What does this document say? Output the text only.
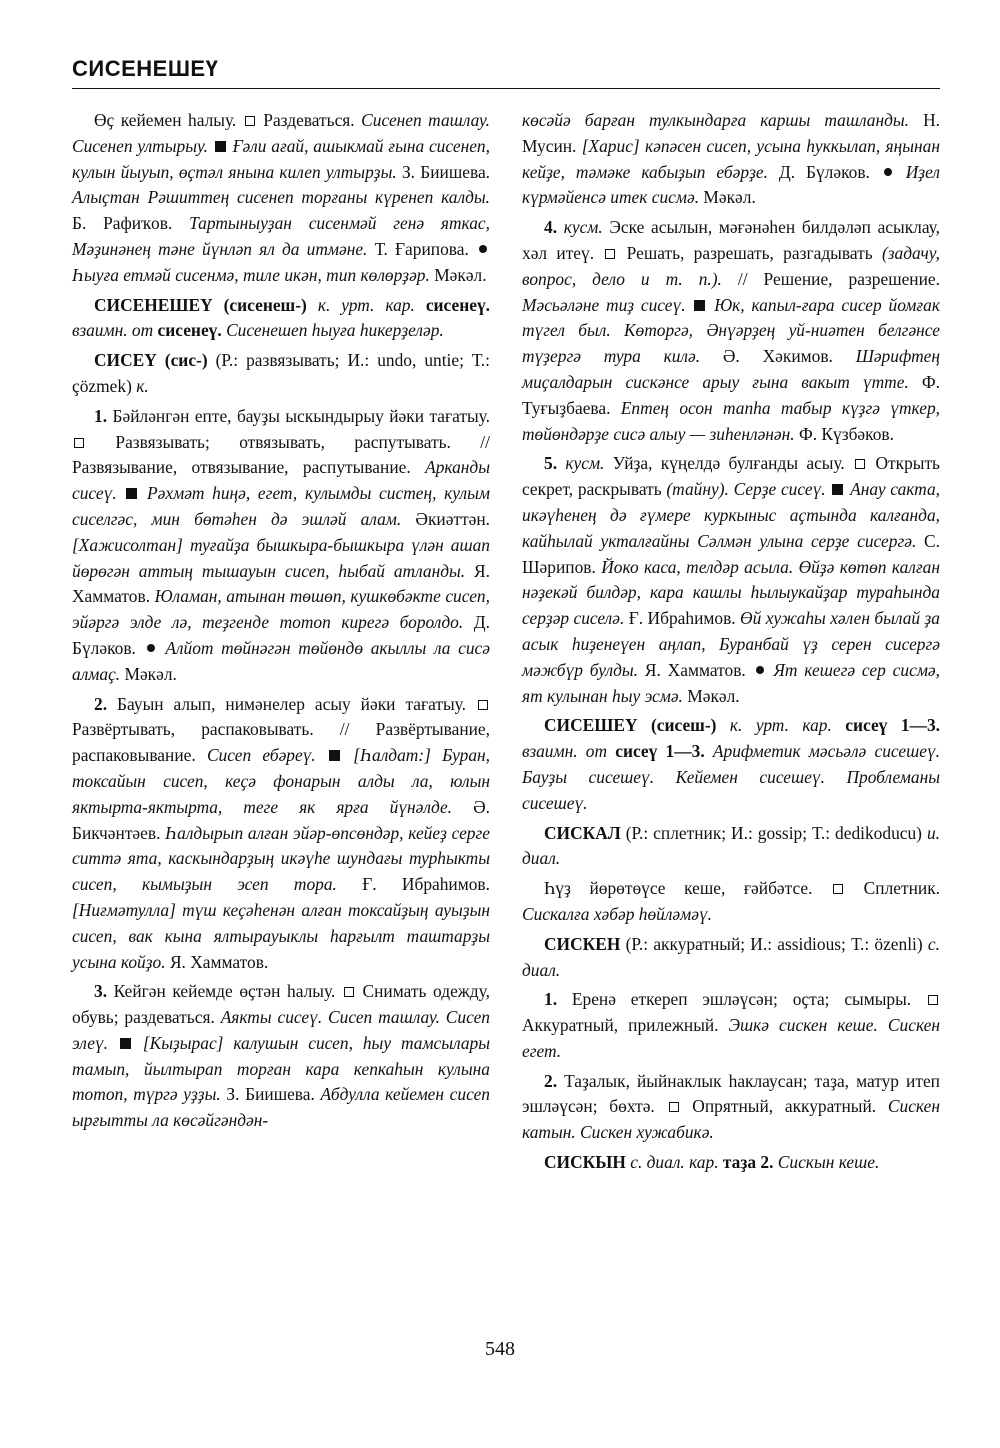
СИСЕНЕШЕҮ

Өҫ кейемен һалыу. Раздеваться. Сисенеп ташлау. Сисенеп ултырыу. Ғәли ағай, ашыкмай ғына сисенеп, кулын йыуып, өҫтәл янына килеп ултырҙы. З. Биишева. Алыҫтан Рәшиттең сисенеп торғаны күренеп калды. Б. Рафиҡов. Тартыныуҙан сисенмәй генә яткас, Мәҙинәнең тәне йүнләп ял да итмәне. Т. Ғарипова.  Һыуға етмәй сисенмә, тиле икән, тип көлөрҙәр. Мәкәл.

СИСЕНЕШЕҮ (сисенеш-) к. урт. кар. сисенеү. взаимн. от сисенеү. Сисенешеп һыуға һикерҙеләр.

СИСЕҮ (сис-) (Р.: развязывать; И.: undo, untie; Т.: çözmek) к.

1. Бәйләнгән епте, бауҙы ыскындырыу йәки тағатыу.  Развязывать; отвязывать, распутывать. // Развязывание, отвязывание, распутывание. Арканды сисеү. Рәхмәт һиңә, егет, кулымды систең, кулым сиселгәс, мин бөтәһен дә эшләй алам. Әкиәттән. [Хажисолтан] туғайҙа бышкыра-бышкыра үлән ашап йөрөгән аттың тышауын сисеп, һыбай атланды. Я. Хамматов. Юламан, атынан төшөп, кушкөбәкте сисеп, эйәргә элде лә, теҙгенде тотоп кирегә боролдо. Д. Бүләков. Алйот төйнәгән төйөндө акыллы ла сисә алмаҫ. Мәкәл.

2. Бауын алып, нимәнелер асыу йәки тағатыу.  Развёртывать, распаковывать. // Развёртывание, распаковывание. Сисеп ебәреү. [Һалдат:] Буран, токсайын сисеп, кеҫә фонарын алды ла, юлын яктыртa-яктыртa, теге як ярға йүнәлде. Ә. Бикчәнтәев. Һалдырып алған эйәр-өпсөндәр, кейеҙ серге ситтә ята, каскындарҙың икәүһе шундағы турһыкты сисеп, кымыҙын эсеп тора. Ғ. Ибраһимов. [Ниғмәтулла] түш кеҫәһенән алған токсайҙың ауыҙын сисеп, вак кына ялтырауыклы һарғылт таштарҙы усына койҙо. Я. Хамматов.

3. Кейгән кейемде өҫтән һалыу. Снимать одежду, обувь; раздеваться. Аякты сисеү. Сисеп ташлау. Сисеп элеү. [Кыҙырас] калушын сисеп, һыу тамсылары тамып, йылтырап торған кара кепкаһын кулына тотоп, түргә уҙҙы. З. Биишева. Абдулла кейемен сисеп ырғытты ла көсәйгәндән-

көсәйә барған тулкындарға каршы ташланды. Н. Мусин. [Харис] кәпәсен сисеп, усына һуккылап, яңынан кейҙе, тәмәке кабыҙып ебәрҙе. Д. Бүләков. Иҙел күрмәйенсә итек сисмә. Мәкәл.

4. кусм. Эске асылын, мәғәнәһен билдәләп асыклау, хәл итеү. Решать, разрешать, разгадывать (задачу, вопрос, дело и т. п.). // Решение, разрешение. Мәсьәләне тиҙ сисеү. Юк, капыл-ғара сисер йомғак түгел был. Көторгә, Әнүәрҙең уй-ниәтен белгәнсе түҙергә тура килә. Ә. Хәкимов. Шәрифтең миҫалдарын сискәнсе арыу ғына вакыт үтте. Ф. Туғыҙбаева. Ептең осон тапһа табыр күҙгә үткер, төйөндәрҙе сисә алыу — зиһенләнән. Ф. Күзбәков.

5. кусм. Уйҙа, күңелдә булғанды асыу. Открыть секрет, раскрывать (тайну). Серҙе сисеү. Анау сакта, икәүһенең дә ғүмере куркыныс аҫтында калғанда, кайһылай уктaлғайны Сәлмән улына серҙе сисергә. С. Шәрипов. Йоко каса, телдәр асыла. Өйҙә көтөп калған нәҙекәй билдәр, кара кашлы һылыукайҙар тураһында серҙәр сиселә. Ғ. Ибраһимов. Өй хужаһы хәлен былай ҙа асык һиҙенеүен аңлап, Буранбай үҙ серен сисергә мәжбүр булды. Я. Хамматов. Ят кешегә сер сисмә, ят кулынан һыу эсмә. Мәкәл.

СИСЕШЕҮ (сисеш-) к. урт. кар. сисеү 1—3. взаимн. от сисеү 1—3. Арифметик мәсьәлә сисешеү. Бауҙы сисешеү. Кейемен сисешеү. Проблеманы сисешеү.

СИСКАЛ (Р.: сплетник; И.: gossip; Т.: dedikoducu) и. диал.

Һүҙ йөрөтөүсе кеше, ғәйбәтсе.	Сплетник. Сискалға хәбәр һөйләмәү.

СИСКЕН (Р.: аккуратный; И.: assidious; Т.: özenli) с. диал.

1. Еренә еткереп эшләүсән; оҫта; сымыры.  Аккуратный, прилежный. Эшкә сискен кеше. Сискен егет.

2. Таҙалык, йыйнаклык һаклаусан; таҙа, матур итеп эшләүсән; бөхтә. Опрятный, аккуратный. Сискен катын. Сискен хужабикә.

СИСКЫН с. диал. кар. таҙа 2. Сискын кеше.

548
